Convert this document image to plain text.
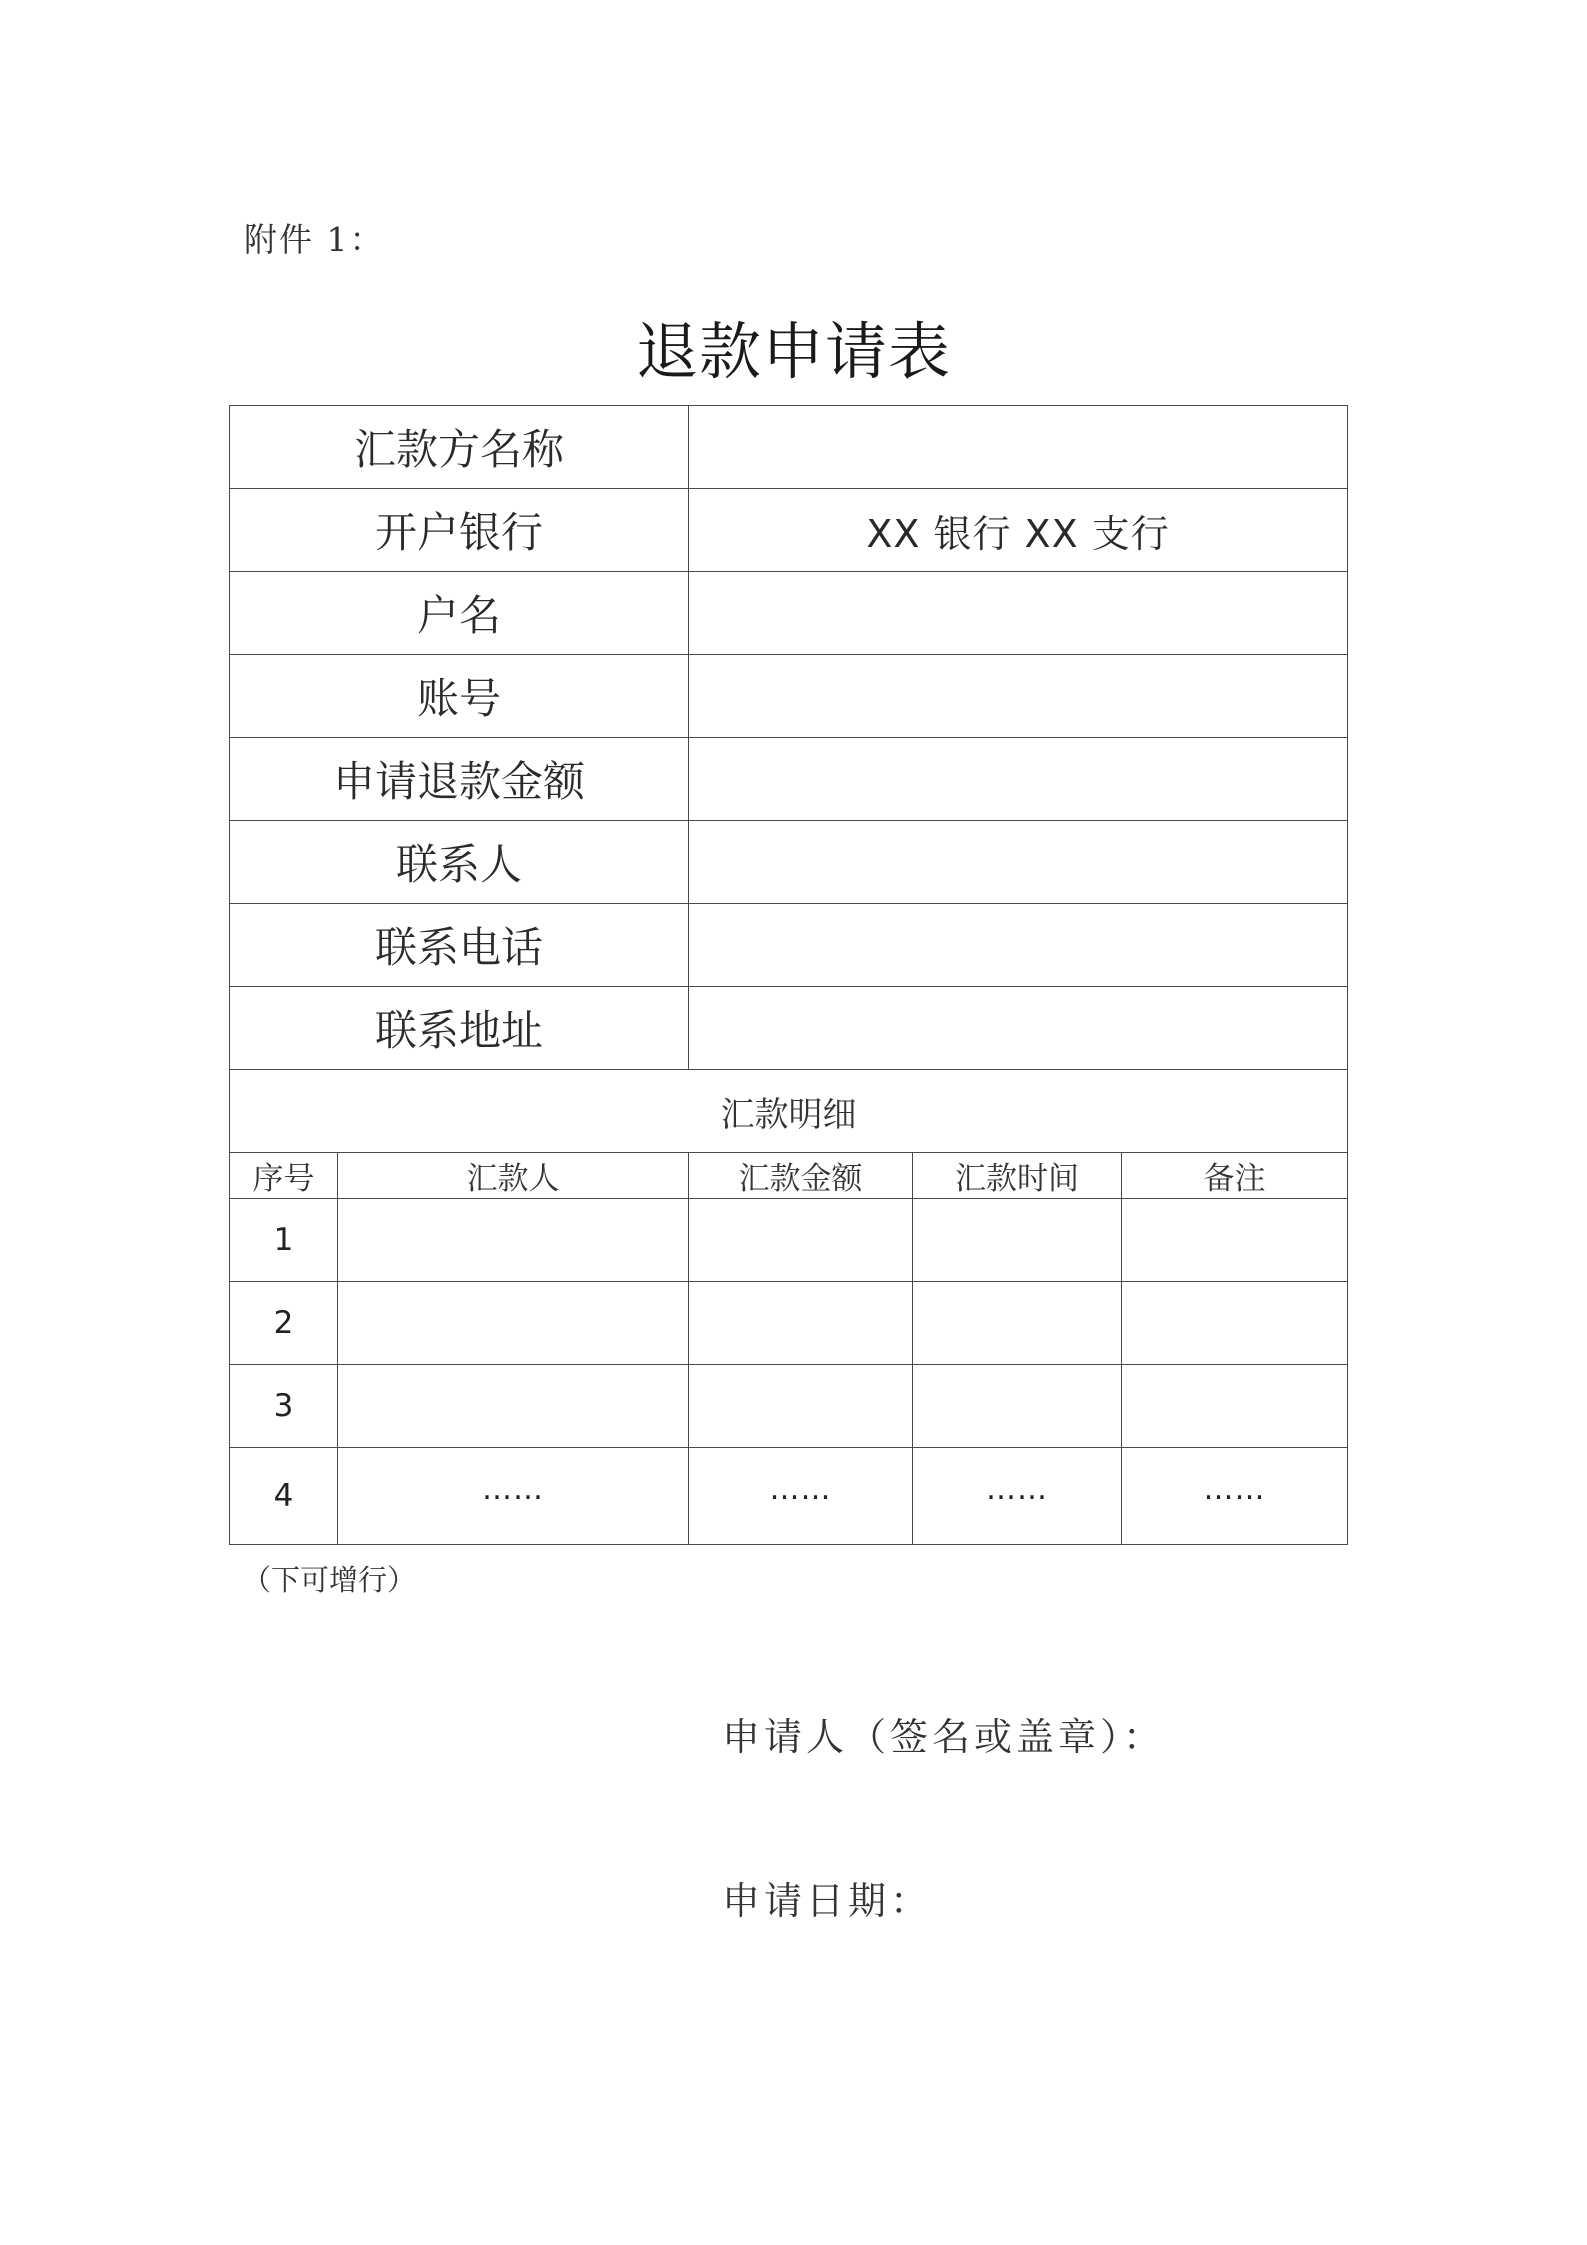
附件 1：
退款申请表
汇款方名称				
开户银行		XX 银行 XX 支行		
户名				
账号				
申请退款金额				
联系人				
联系电话				
联系地址				
汇款明细				
序号	汇款人	汇款金额	汇款时间	备注
1				
2				
3				
4	……	……	……	……
（下可增行）
申请人（签名或盖章）：
申请日期：
